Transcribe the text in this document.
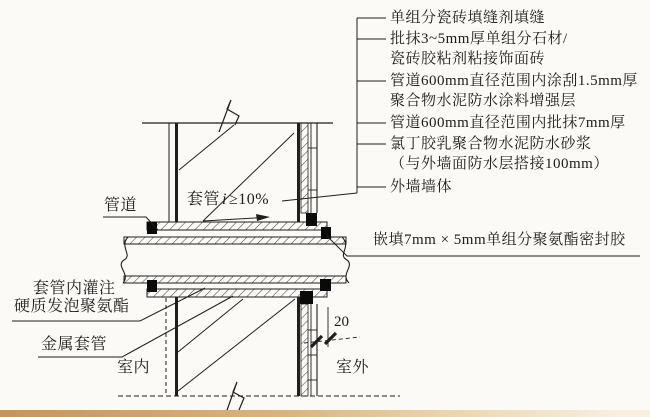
单组分瓷砖填缝剂填缝
批抹3~5mm厚单组分石材/
瓷砖胶粘剂粘接饰面砖
管道600mm直径范围内涂刮1.5mm厚
聚合物水泥防水涂料增强层
管道600mm直径范围内批抹7mm厚
氯丁胶乳聚合物水泥防水砂浆
（与外墙面防水层搭接100mm）
外墙墙体
嵌填7mm × 5mm单组分聚氨酯密封胶
管道
套管内灌注
硬质发泡聚氨酯
金属套管
室内	室外
套管 i ≥10%
20
